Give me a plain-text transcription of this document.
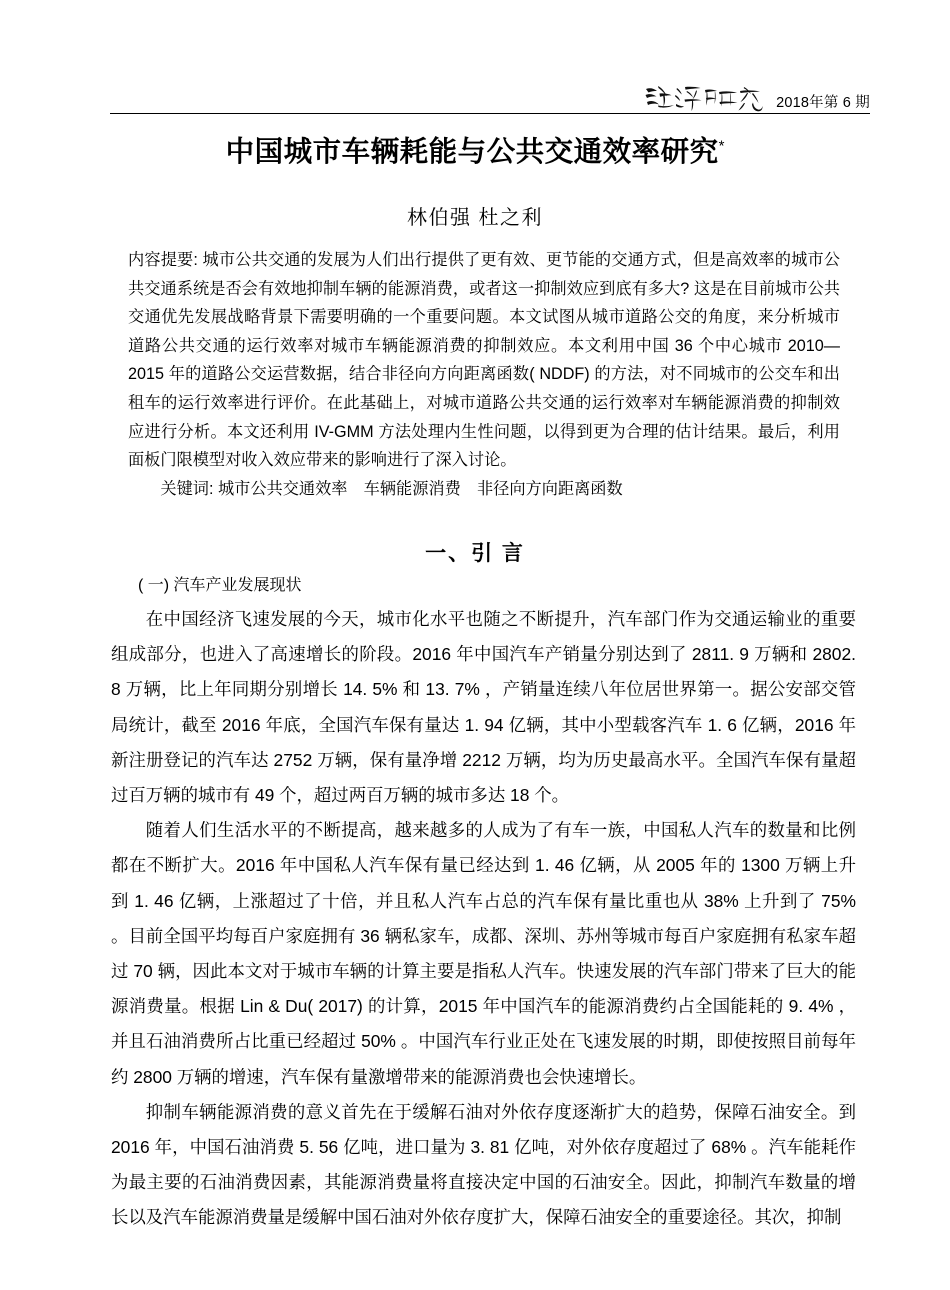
2018年第 6 期
中国城市车辆耗能与公共交通效率研究*
林伯强 杜之利

内容提要: 城市公共交通的发展为人们出行提供了更有效、更节能的交通方式，但是高效率的城市公共交通系统是否会有效地抑制车辆的能源消费，或者这一抑制效应到底有多大? 这是在目前城市公共交通优先发展战略背景下需要明确的一个重要问题。本文试图从城市道路公交的角度，来分析城市道路公共交通的运行效率对城市车辆能源消费的抑制效应。本文利用中国 36 个中心城市 2010—2015 年的道路公交运营数据，结合非径向方向距离函数( NDDF) 的方法，对不同城市的公交车和出租车的运行效率进行评价。在此基础上，对城市道路公共交通的运行效率对车辆能源消费的抑制效应进行分析。本文还利用 IV-GMM 方法处理内生性问题，以得到更为合理的估计结果。最后，利用面板门限模型对收入效应带来的影响进行了深入讨论。

关键词: 城市公共交通效率　车辆能源消费　非径向方向距离函数

一、引 言
( 一) 汽车产业发展现状

在中国经济飞速发展的今天，城市化水平也随之不断提升，汽车部门作为交通运输业的重要组成部分，也进入了高速增长的阶段。2016 年中国汽车产销量分别达到了 2811. 9 万辆和 2802. 8 万辆，比上年同期分别增长 14. 5% 和 13. 7% ，产销量连续八年位居世界第一。据公安部交管局统计，截至 2016 年底，全国汽车保有量达 1. 94 亿辆，其中小型载客汽车 1. 6 亿辆，2016 年新注册登记的汽车达 2752 万辆，保有量净增 2212 万辆，均为历史最高水平。全国汽车保有量超过百万辆的城市有 49 个，超过两百万辆的城市多达 18 个。

随着人们生活水平的不断提高，越来越多的人成为了有车一族，中国私人汽车的数量和比例都在不断扩大。2016 年中国私人汽车保有量已经达到 1. 46 亿辆，从 2005 年的 1300 万辆上升到 1. 46 亿辆，上涨超过了十倍，并且私人汽车占总的汽车保有量比重也从 38% 上升到了 75% 。目前全国平均每百户家庭拥有 36 辆私家车，成都、深圳、苏州等城市每百户家庭拥有私家车超过 70 辆，因此本文对于城市车辆的计算主要是指私人汽车。快速发展的汽车部门带来了巨大的能源消费量。根据 Lin & Du( 2017) 的计算，2015 年中国汽车的能源消费约占全国能耗的 9. 4% ，并且石油消费所占比重已经超过 50% 。中国汽车行业正处在飞速发展的时期，即使按照目前每年约 2800 万辆的增速，汽车保有量激增带来的能源消费也会快速增长。

抑制车辆能源消费的意义首先在于缓解石油对外依存度逐渐扩大的趋势，保障石油安全。到 2016 年，中国石油消费 5. 56 亿吨，进口量为 3. 81 亿吨，对外依存度超过了 68% 。汽车能耗作为最主要的石油消费因素，其能源消费量将直接决定中国的石油安全。因此，抑制汽车数量的增长以及汽车能源消费量是缓解中国石油对外依存度扩大，保障石油安全的重要途径。其次，抑制
